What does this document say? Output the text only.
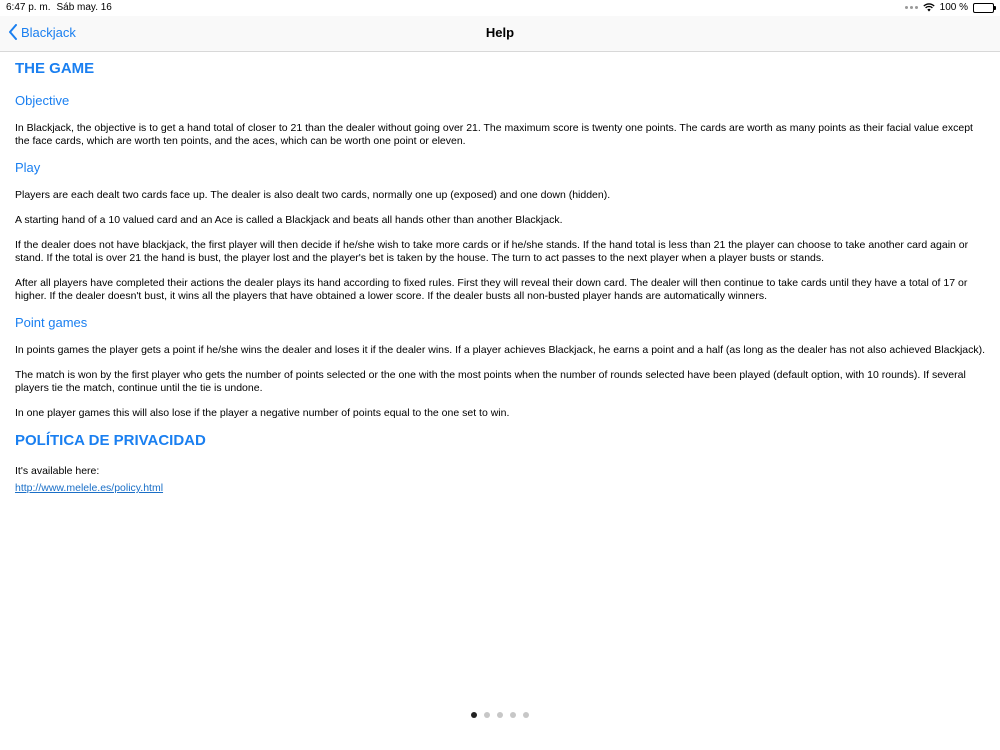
6:47 p. m. Sáb may. 16	100 %
Blackjack	Help
THE GAME
Objective

In Blackjack, the objective is to get a hand total of closer to 21 than the dealer without going over 21. The maximum score is twenty one points. The cards are worth as many points as their facial value except the face cards, which are worth ten points, and the aces, which can be worth one point or eleven.

Play

Players are each dealt two cards face up. The dealer is also dealt two cards, normally one up (exposed) and one down (hidden).

A starting hand of a 10 valued card and an Ace is called a Blackjack and beats all hands other than another Blackjack.

If the dealer does not have blackjack, the first player will then decide if he/she wish to take more cards or if he/she stands. If the hand total is less than 21 the player can choose to take another card again or stand. If the total is over 21 the hand is bust, the player lost and the player's bet is taken by the house. The turn to act passes to the next player when a player busts or stands.

After all players have completed their actions the dealer plays its hand according to fixed rules. First they will reveal their down card. The dealer will then continue to take cards until they have a total of 17 or higher. If the dealer doesn't bust, it wins all the players that have obtained a lower score. If the dealer busts all non-busted player hands are automatically winners.

Point games

In points games the player gets a point if he/she wins the dealer and loses it if the dealer wins. If a player achieves Blackjack, he earns a point and a half (as long as the dealer has not also achieved Blackjack).

The match is won by the first player who gets the number of points selected or the one with the most points when the number of rounds selected have been played (default option, with 10 rounds). If several players tie the match, continue until the tie is undone.

In one player games this will also lose if the player a negative number of points equal to the one set to win.

POLÍTICA DE PRIVACIDAD

It's available here:

http://www.melele.es/policy.html
